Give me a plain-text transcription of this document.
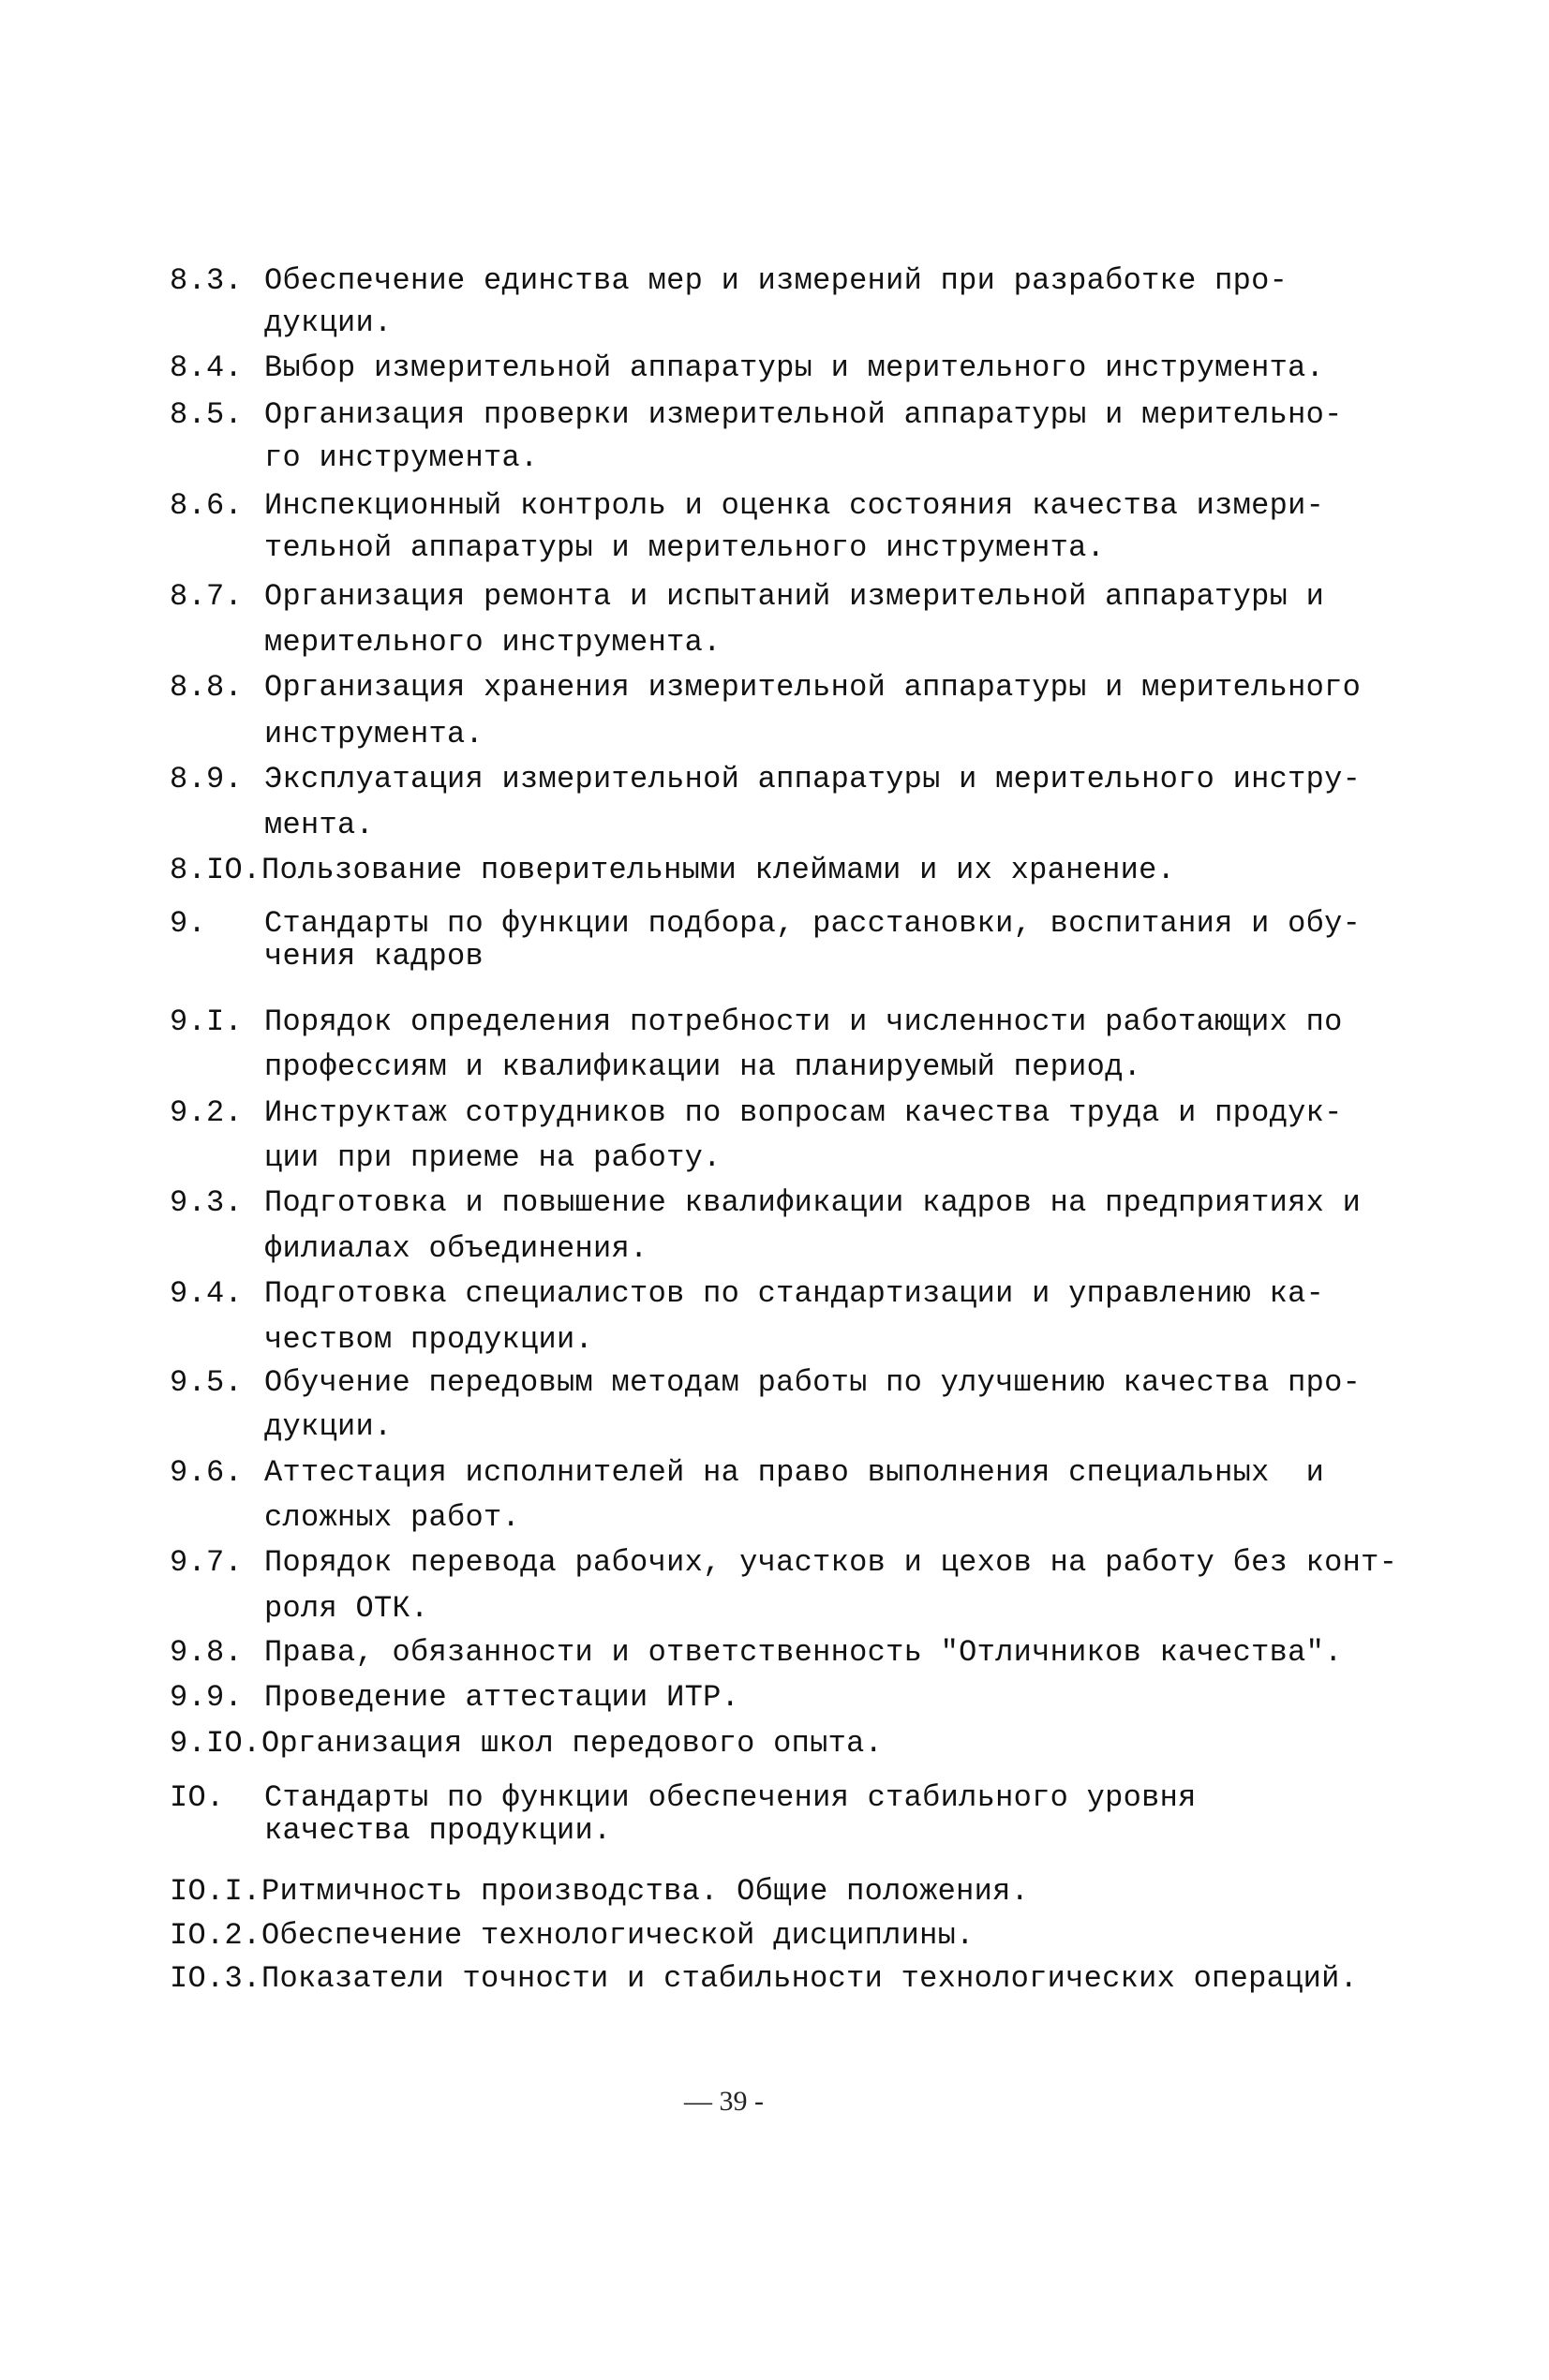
8.3. Обеспечение единства мер и измерений при разработке про-
дукции.
8.4. Выбор измерительной аппаратуры и мерительного инструмента.
8.5. Организация проверки измерительной аппаратуры и мерительно-
го инструмента.
8.6. Инспекционный контроль и оценка состояния качества измери-
тельной аппаратуры и мерительного инструмента.
8.7. Организация ремонта и испытаний измерительной аппаратуры и
мерительного инструмента.
8.8. Организация хранения измерительной аппаратуры и мерительного
инструмента.
8.9. Эксплуатация измерительной аппаратуры и мерительного инстру-
мента.
8.IO. Пользование поверительными клеймами и их хранение.
9. Стандарты по функции подбора, расстановки, воспитания и обу-
чения кадров
9.I. Порядок определения потребности и численности работающих по
профессиям и квалификации на планируемый период.
9.2. Инструктаж сотрудников по вопросам качества труда и продук-
ции при приеме на работу.
9.3. Подготовка и повышение квалификации кадров на предприятиях и
филиалах объединения.
9.4. Подготовка специалистов по стандартизации и управлению ка-
чеством продукции.
9.5. Обучение передовым методам работы по улучшению качества про-
дукции.
9.6. Аттестация исполнителей на право выполнения специальных  и
сложных работ.
9.7. Порядок перевода рабочих, участков и цехов на работу без конт-
роля ОТК.
9.8. Права, обязанности и ответственность "Отличников качества".
9.9. Проведение аттестации ИТР.
9.IO. Организация школ передового опыта.
IO. Стандарты по функции обеспечения стабильного уровня
качества продукции.
IO.I. Ритмичность производства. Общие положения.
IO.2. Обеспечение технологической дисциплины.
IO.3. Показатели точности и стабильности технологических операций.
— 39 -
